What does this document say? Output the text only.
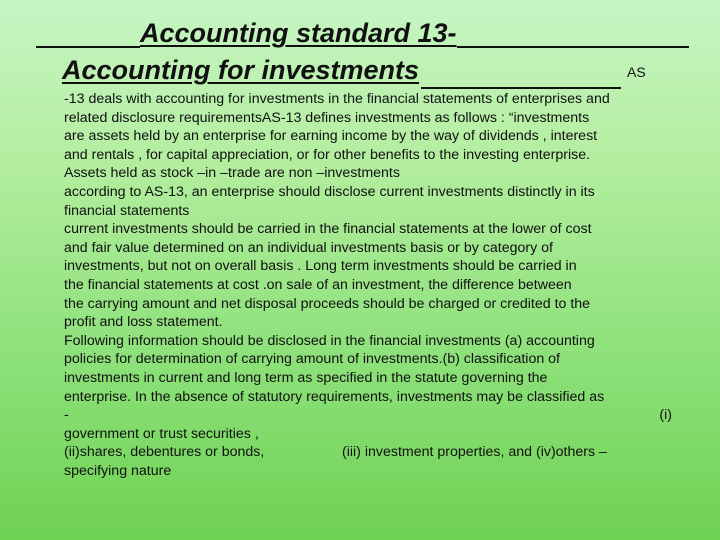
Accounting standard 13-
Accounting for investments	AS

-13 deals with accounting for investments in the financial statements of enterprises and

related disclosure requirementsAS-13 defines investments as follows : “investments

are assets held by an enterprise for earning income by the way of dividends , interest

and rentals , for capital appreciation, or for other benefits to the investing enterprise.

Assets held as stock –in –trade are non –investments

according to AS-13, an enterprise should disclose current investments distinctly in its

financial statements

current investments should be carried in the financial statements at the lower of cost

and fair value determined on an individual investments basis or by category of

investments, but not on overall basis . Long term investments should be carried in

the financial statements at cost .on sale of an investment, the difference between

the carrying amount and net disposal proceeds should be charged or credited to the

profit and loss statement.

Following information should be disclosed in the financial investments (a) accounting

policies for determination of carrying amount of investments.(b) classification of

investments in current and long term as specified in the statute governing the

enterprise. In the absence of statutory requirements, investments may be classified as

-	(i)

government or trust securities ,

(ii)shares, debentures or bonds,	(iii) investment properties, and (iv)others –

specifying nature
